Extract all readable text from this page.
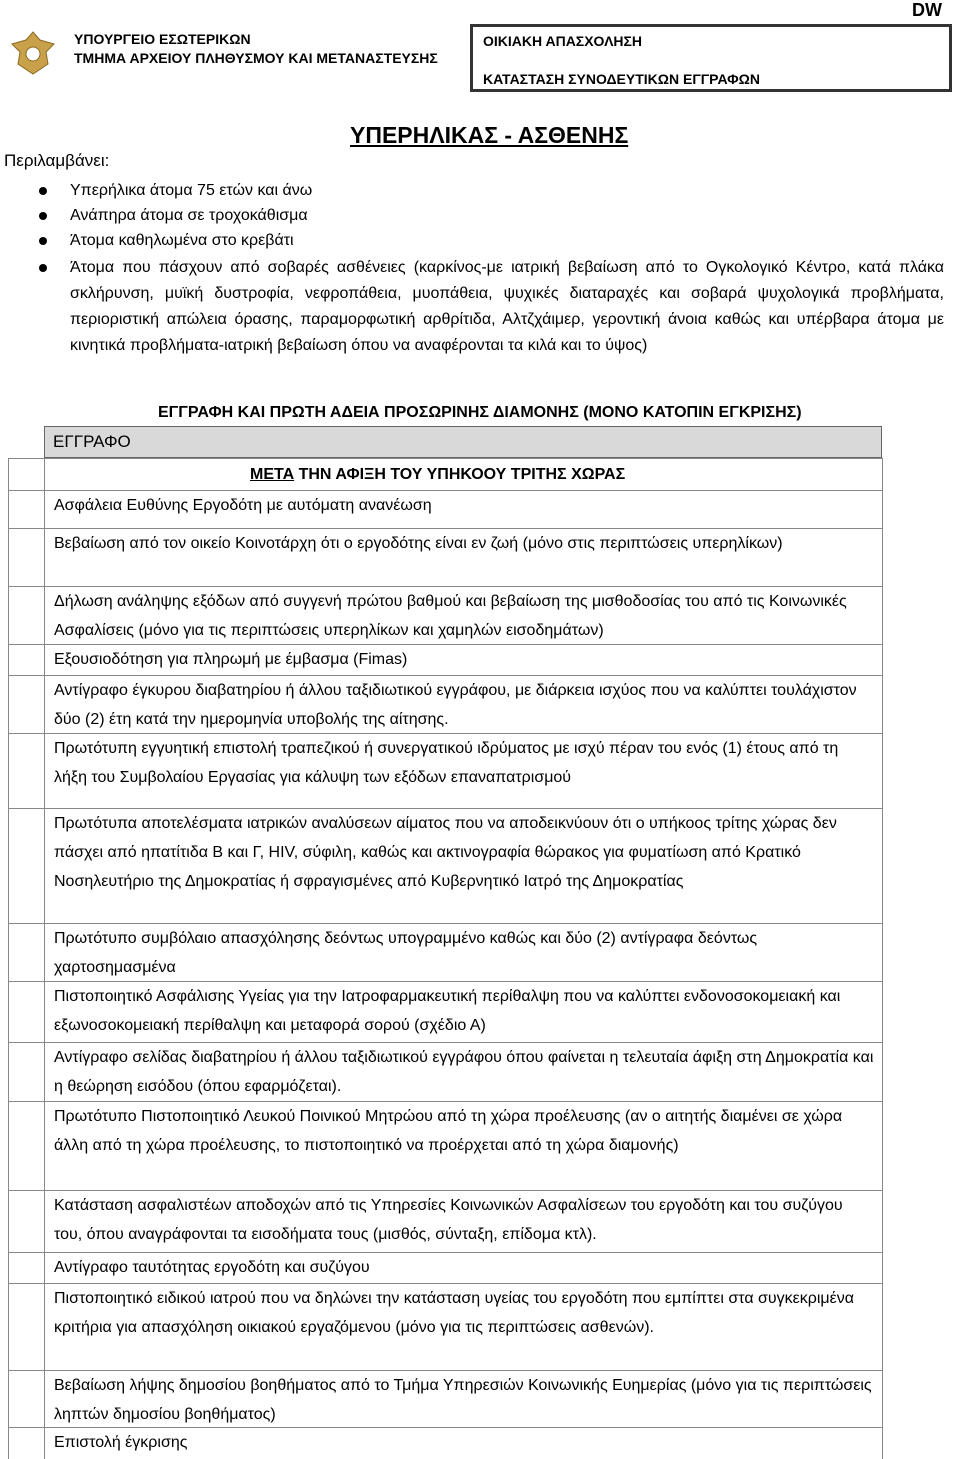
ΥΠΟΥΡΓΕΙΟ ΕΣΩΤΕΡΙΚΩΝ
ΤΜΗΜΑ ΑΡΧΕΙΟΥ ΠΛΗΘΥΣΜΟΥ ΚΑΙ ΜΕΤΑΝΑΣΤΕΥΣΗΣ
ΟΙΚΙΑΚΗ ΑΠΑΣΧΟΛΗΣΗ
ΚΑΤΑΣΤΑΣΗ ΣΥΝΟΔΕΥΤΙΚΩΝ ΕΓΓΡΑΦΩΝ
DW
ΥΠΕΡΗΛΙΚΑΣ - ΑΣΘΕΝΗΣ
Περιλαμβάνει:
Υπερήλικα άτομα 75 ετών και άνω
Ανάπηρα άτομα σε τροχοκάθισμα
Άτομα καθηλωμένα στο κρεβάτι
Άτομα που πάσχουν από σοβαρές ασθένειες (καρκίνος-με ιατρική βεβαίωση από το Ογκολογικό Κέντρο, κατά πλάκα σκλήρυνση, μυϊκή δυστροφία, νεφροπάθεια, μυοπάθεια, ψυχικές διαταραχές και σοβαρά ψυχολογικά προβλήματα, περιοριστική απώλεια όρασης, παραμορφωτική αρθρίτιδα, Αλτζχάιμερ, γεροντική άνοια καθώς και υπέρβαρα άτομα με κινητικά προβλήματα-ιατρική βεβαίωση όπου να αναφέρονται τα κιλά και το ύψος)
ΕΓΓΡΑΦΗ ΚΑΙ ΠΡΩΤΗ ΑΔΕΙΑ ΠΡΟΣΩΡΙΝΗΣ ΔΙΑΜΟΝΗΣ (ΜΟΝΟ ΚΑΤΟΠΙΝ ΕΓΚΡΙΣΗΣ)
ΕΓΓΡΑΦΟ
ΜΕΤΑ ΤΗΝ ΑΦΙΞΗ ΤΟΥ ΥΠΗΚΟΟΥ ΤΡΙΤΗΣ ΧΩΡΑΣ
Ασφάλεια Ευθύνης Εργοδότη με αυτόματη ανανέωση
Βεβαίωση από τον οικείο Κοινοτάρχη ότι ο εργοδότης είναι εν ζωή (μόνο στις περιπτώσεις υπερηλίκων)
Δήλωση ανάληψης εξόδων από συγγενή πρώτου βαθμού και βεβαίωση της μισθοδοσίας του από τις Κοινωνικές Ασφαλίσεις (μόνο για τις περιπτώσεις υπερηλίκων και χαμηλών εισοδημάτων)
Εξουσιοδότηση για πληρωμή με έμβασμα (Fimas)
Αντίγραφο έγκυρου διαβατηρίου ή άλλου ταξιδιωτικού εγγράφου, με διάρκεια ισχύος που να καλύπτει τουλάχιστον δύο (2) έτη κατά την ημερομηνία υποβολής της αίτησης.
Πρωτότυπη εγγυητική επιστολή τραπεζικού ή συνεργατικού ιδρύματος με ισχύ πέραν του ενός (1) έτους από τη λήξη του Συμβολαίου Εργασίας για κάλυψη των εξόδων επαναπατρισμού
Πρωτότυπα αποτελέσματα ιατρικών αναλύσεων αίματος που να αποδεικνύουν ότι ο υπήκοος τρίτης χώρας δεν πάσχει από ηπατίτιδα Β και Γ, HIV, σύφιλη, καθώς και ακτινογραφία θώρακος για φυματίωση από Κρατικό Νοσηλευτήριο της Δημοκρατίας ή σφραγισμένες από Κυβερνητικό Ιατρό της Δημοκρατίας
Πρωτότυπο συμβόλαιο απασχόλησης δεόντως υπογραμμένο καθώς και δύο (2) αντίγραφα δεόντως χαρτοσημασμένα
Πιστοποιητικό Ασφάλισης Υγείας για την Ιατροφαρμακευτική περίθαλψη που να καλύπτει ενδονοσοκομειακή και εξωνοσοκομειακή περίθαλψη και μεταφορά σορού (σχέδιο Α)
Αντίγραφο σελίδας διαβατηρίου ή άλλου ταξιδιωτικού εγγράφου όπου φαίνεται η τελευταία άφιξη στη Δημοκρατία και η θεώρηση εισόδου (όπου εφαρμόζεται).
Πρωτότυπο Πιστοποιητικό Λευκού Ποινικού Μητρώου από τη χώρα προέλευσης (αν ο αιτητής διαμένει σε χώρα άλλη από τη χώρα προέλευσης, το πιστοποιητικό να προέρχεται από τη χώρα διαμονής)
Κατάσταση ασφαλιστέων αποδοχών από τις Υπηρεσίες Κοινωνικών Ασφαλίσεων του εργοδότη και του συζύγου του, όπου αναγράφονται τα εισοδήματα τους (μισθός, σύνταξη, επίδομα κτλ).
Αντίγραφο ταυτότητας εργοδότη και συζύγου
Πιστοποιητικό ειδικού ιατρού που να δηλώνει την κατάσταση υγείας του εργοδότη που εμπίπτει στα συγκεκριμένα κριτήρια για απασχόληση οικιακού εργαζόμενου (μόνο για τις περιπτώσεις ασθενών).
Βεβαίωση λήψης δημοσίου βοηθήματος από το Τμήμα Υπηρεσιών Κοινωνικής Ευημερίας (μόνο για τις περιπτώσεις ληπτών δημοσίου βοηθήματος)
Επιστολή έγκρισης
